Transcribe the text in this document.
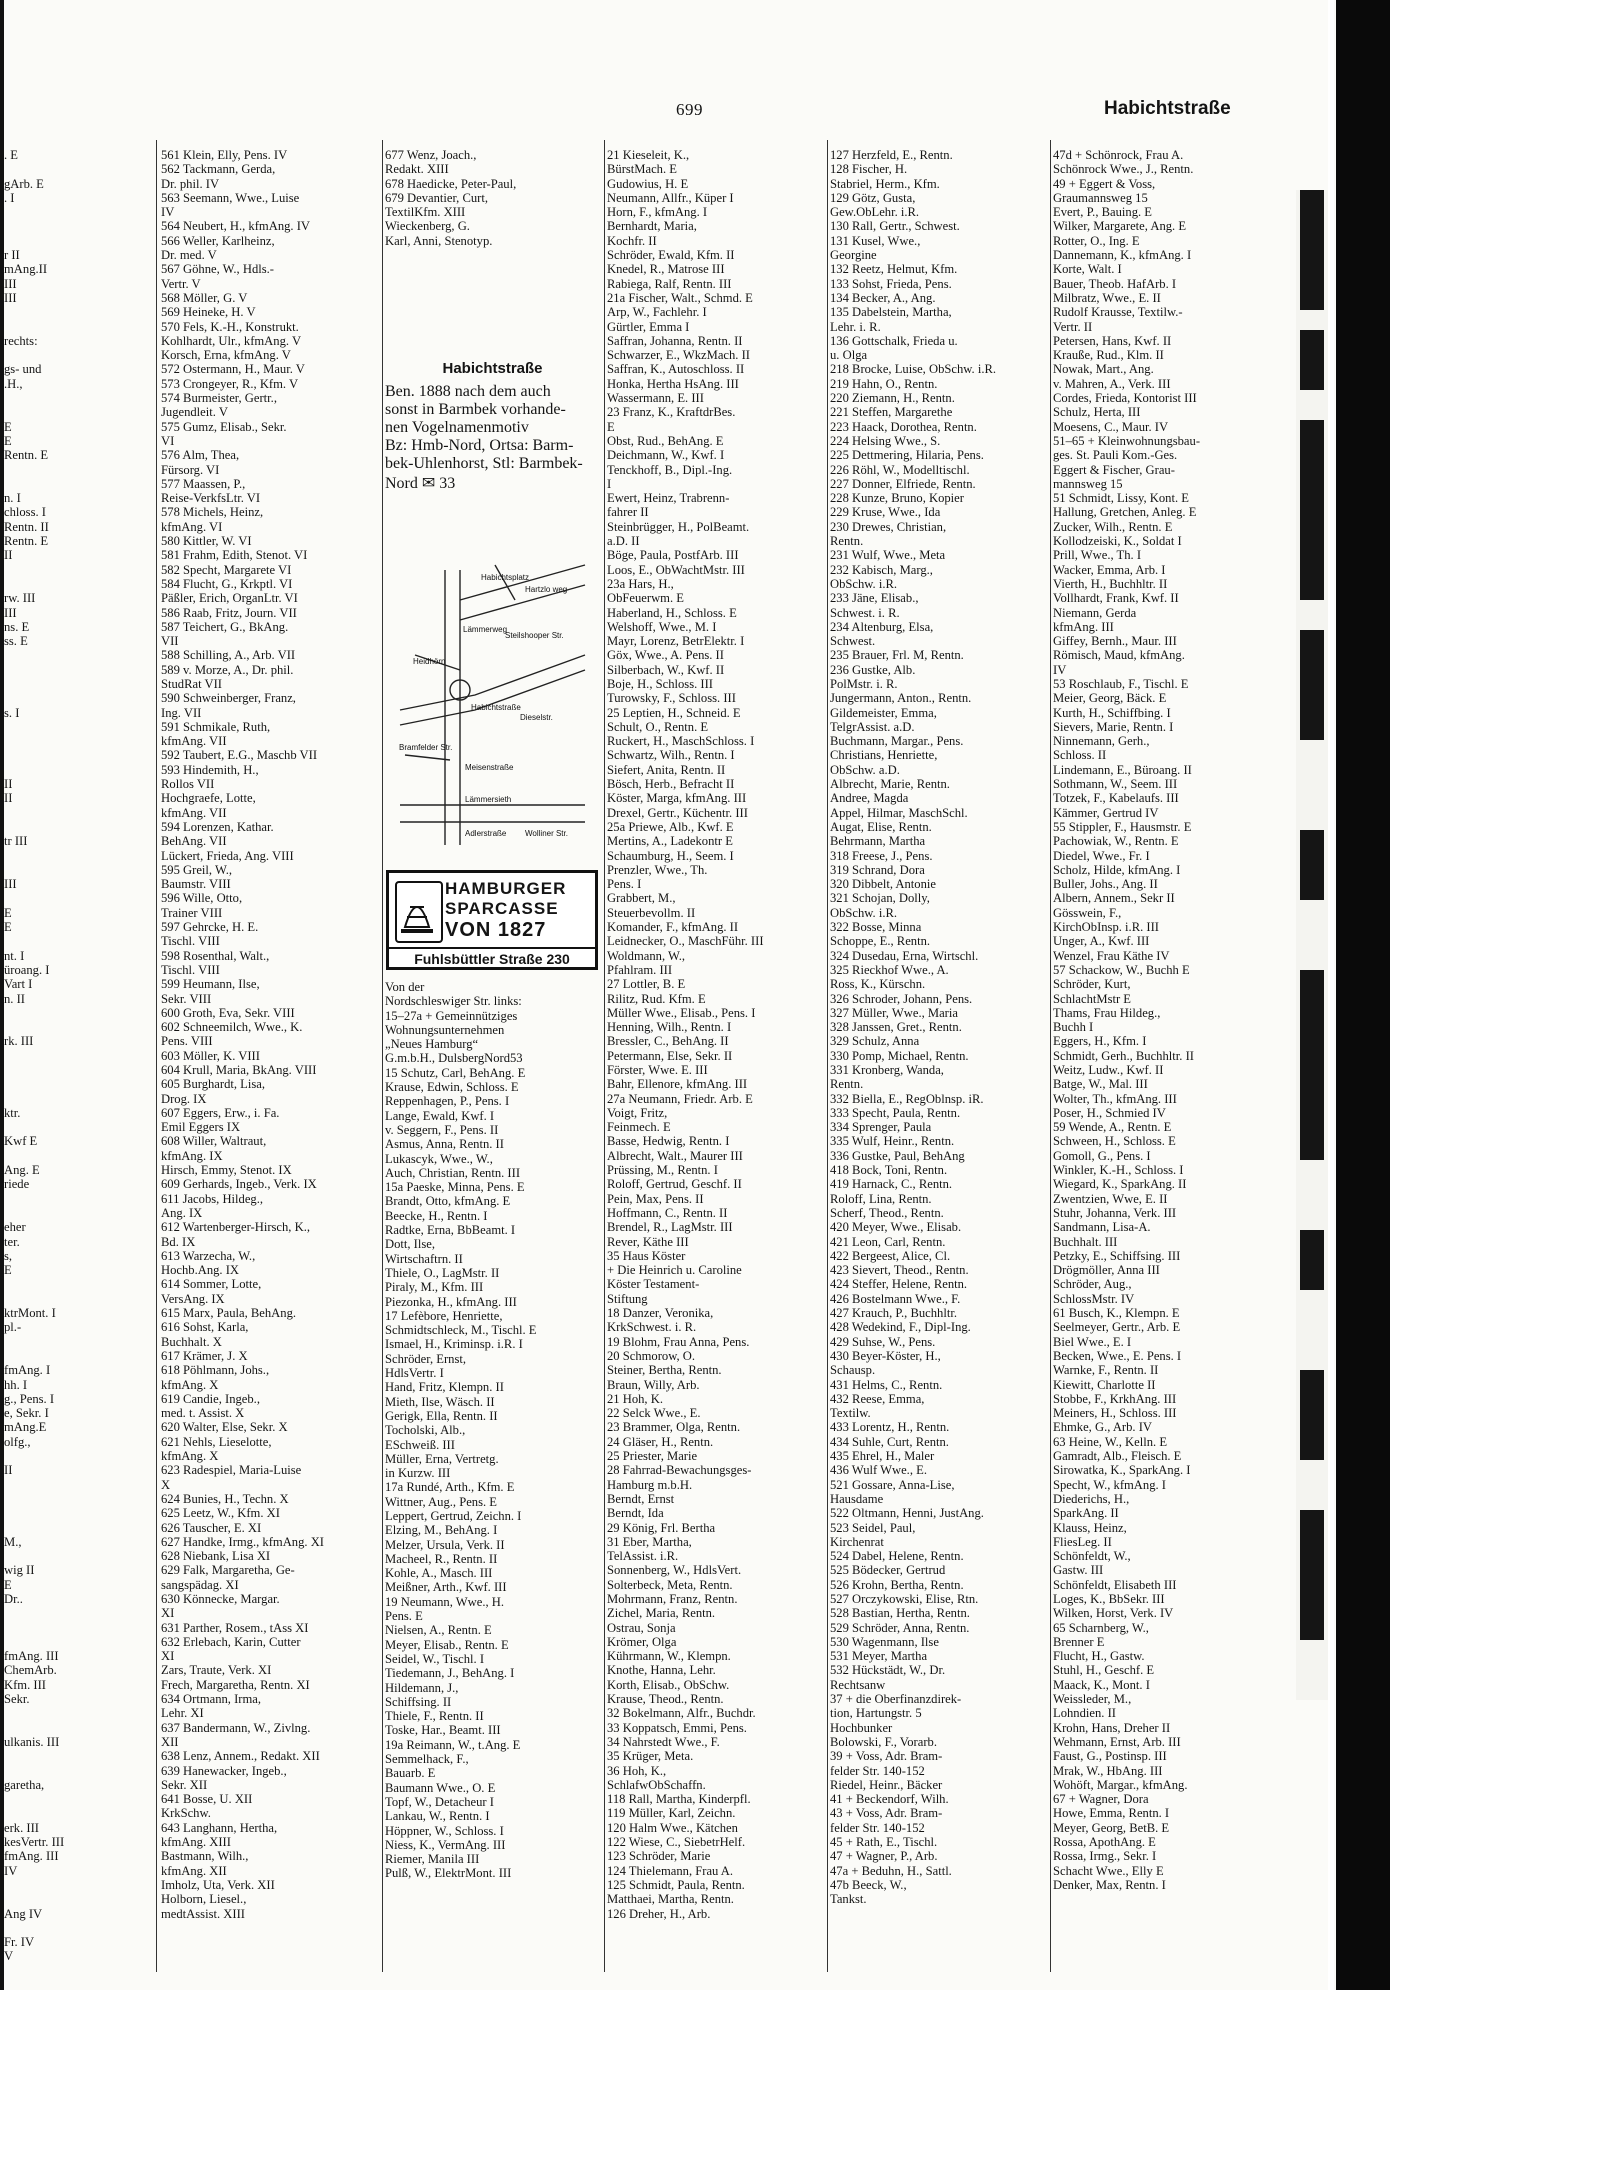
699	Habichtstraße
. E
gArb. E
. I
r II
mAng.II
III
III
rechts:
gs- und
.H.,
E
E
Rentn. E
n. I
chloss. I
Rentn. II
Rentn. E
II
rw. III
III
ns. E
ss. E
s. I
II
II
tr III
III
E
E
nt. I
üroang. I
Vart I
n. II
rk. III
ktr.
Kwf E
Ang. E
riede
eher
ter.
s,
E
ktrMont. I
pl.-
fmAng. I
hh. I
g., Pens. I
e, Sekr. I
mAng.E
olfg.,
II
M.,
wig II
E
Dr..
fmAng. III
ChemArb.
Kfm. III
Sekr.
ulkanis. III
garetha,
erk. III
kesVertr. III
fmAng. III
IV
Ang IV
Fr. IV
V
561 Klein, Elly, Pens. IV
562 Tackmann, Gerda,
Dr. phil. IV
563 Seemann, Wwe., Luise
IV
564 Neubert, H., kfmAng. IV
566 Weller, Karlheinz,
Dr. med. V
567 Göhne, W., Hdls.-
Vertr. V
568 Möller, G. V
569 Heineke, H. V
570 Fels, K.-H., Konstrukt.
Kohlhardt, Ulr., kfmAng. V
Korsch, Erna, kfmAng. V
572 Ostermann, H., Maur. V
573 Crongeyer, R., Kfm. V
574 Burmeister, Gertr.,
Jugendleit. V
575 Gumz, Elisab., Sekr.
VI
576 Alm, Thea,
Fürsorg. VI
577 Maassen, P.,
Reise-VerkfsLtr. VI
578 Michels, Heinz,
kfmAng. VI
580 Kittler, W. VI
581 Frahm, Edith, Stenot. VI
582 Specht, Margarete VI
584 Flucht, G., Krkptl. VI
Päßler, Erich, OrganLtr. VI
586 Raab, Fritz, Journ. VII
587 Teichert, G., BkAng.
VII
588 Schilling, A., Arb. VII
589 v. Morze, A., Dr. phil.
StudRat VII
590 Schweinberger, Franz,
Ing. VII
591 Schmikale, Ruth,
kfmAng. VII
592 Taubert, E.G., Maschb VII
593 Hindemith, H.,
Rollos VII
Hochgraefe, Lotte,
kfmAng. VII
594 Lorenzen, Kathar.
BehAng. VII
Lückert, Frieda, Ang. VIII
595 Greil, W.,
Baumstr. VIII
596 Wille, Otto,
Trainer VIII
597 Gehrcke, H. E.
Tischl. VIII
598 Rosenthal, Walt.,
Tischl. VIII
599 Heumann, Ilse,
Sekr. VIII
600 Groth, Eva, Sekr. VIII
602 Schneemilch, Wwe., K.
Pens. VIII
603 Möller, K. VIII
604 Krull, Maria, BkAng. VIII
605 Burghardt, Lisa,
Drog. IX
607 Eggers, Erw., i. Fa.
Emil Eggers IX
608 Willer, Waltraut,
kfmAng. IX
Hirsch, Emmy, Stenot. IX
609 Gerhards, Ingeb., Verk. IX
611 Jacobs, Hildeg.,
Ang. IX
612 Wartenberger-Hirsch, K.,
Bd. IX
613 Warzecha, W.,
Hochb.Ang. IX
614 Sommer, Lotte,
VersAng. IX
615 Marx, Paula, BehAng.
616 Sohst, Karla,
Buchhalt. X
617 Krämer, J. X
618 Pöhlmann, Johs.,
kfmAng. X
619 Candie, Ingeb.,
med. t. Assist. X
620 Walter, Else, Sekr. X
621 Nehls, Lieselotte,
kfmAng. X
623 Radespiel, Maria-Luise
X
624 Bunies, H., Techn. X
625 Leetz, W., Kfm. XI
626 Tauscher, E. XI
627 Handke, Irmg., kfmAng. XI
628 Niebank, Lisa XI
629 Falk, Margaretha, Ge-
sangspädag. XI
630 Könnecke, Margar.
XI
631 Parther, Rosem., tAss XI
632 Erlebach, Karin, Cutter
XI
Zars, Traute, Verk. XI
Frech, Margaretha, Rentn. XI
634 Ortmann, Irma,
Lehr. XI
637 Bandermann, W., Zivlng.
XII
638 Lenz, Annem., Redakt. XII
639 Hanewacker, Ingeb.,
Sekr. XII
641 Bosse, U. XII
KrkSchw.
643 Langhann, Hertha,
kfmAng. XIII
Bastmann, Wilh.,
kfmAng. XII
Imholz, Uta, Verk. XII
Holborn, Liesel.,
medtAssist. XIII
677 Wenz, Joach.,
Redakt. XIII
678 Haedicke, Peter-Paul,
679 Devantier, Curt,
TextilKfm. XIII
Wieckenberg, G.
Karl, Anni, Stenotyp.
Habichtstraße
Ben. 1888 nach dem auch
sonst in Barmbek vorhande-
nen Vogelnamenmotiv
Bz: Hmb-Nord, Ortsa: Barm-
bek-Uhlenhorst, Stl: Barmbek-
Nord ✉ 33
Habichtsplatz
Hartzlo weg
Lämmerweg
Steilshooper Str.
Heidhörn
Habichtstraße
Dieselstr.
Bramfelder Str.
Meisenstraße
Lämmersieth
Adlerstraße Wolliner Str.
HAMBURGER
SPARCASSE
VON 1827
Fuhlsbüttler Straße 230
Von der
Nordschleswiger Str. links:
15–27a + Gemeinnütziges
Wohnungsunternehmen
„Neues Hamburg“
G.m.b.H., DulsbergNord53
15 Schutz, Carl, BehAng. E
Krause, Edwin, Schloss. E
Reppenhagen, P., Pens. I
Lange, Ewald, Kwf. I
v. Seggern, F., Pens. II
Asmus, Anna, Rentn. II
Lukascyk, Wwe., W.,
Auch, Christian, Rentn. III
15a Paeske, Minna, Pens. E
Brandt, Otto, kfmAng. E
Beecke, H., Rentn. I
Radtke, Erna, BbBeamt. I
Dott, Ilse,
Wirtschaftrn. II
Thiele, O., LagMstr. II
Piraly, M., Kfm. III
Piezonka, H., kfmAng. III
17 Lefèbore, Henriette,
Schmidtschleck, M., Tischl. E
Ismael, H., Kriminsp. i.R. I
Schröder, Ernst,
HdlsVertr. I
Hand, Fritz, Klempn. II
Mieth, Ilse, Wäsch. II
Gerigk, Ella, Rentn. II
Tocholski, Alb.,
ESchweiß. III
Müller, Erna, Vertretg.
in Kurzw. III
17a Rundé, Arth., Kfm. E
Wittner, Aug., Pens. E
Leppert, Gertrud, Zeichn. I
Elzing, M., BehAng. I
Melzer, Ursula, Verk. II
Macheel, R., Rentn. II
Kohle, A., Masch. III
Meißner, Arth., Kwf. III
19 Neumann, Wwe., H.
Pens. E
Nielsen, A., Rentn. E
Meyer, Elisab., Rentn. E
Seidel, W., Tischl. I
Tiedemann, J., BehAng. I
Hildemann, J.,
Schiffsing. II
Thiele, F., Rentn. II
Toske, Har., Beamt. III
19a Reimann, W., t.Ang. E
Semmelhack, F.,
Bauarb. E
Baumann Wwe., O. E
Topf, W., Detacheur I
Lankau, W., Rentn. I
Höppner, W., Schloss. I
Niess, K., VermAng. III
Riemer, Manila III
Pulß, W., ElektrMont. III
21 Kieseleit, K.,
BürstMach. E
Gudowius, H. E
Neumann, Allfr., Küper I
Horn, F., kfmAng. I
Bernhardt, Maria,
Kochfr. II
Schröder, Ewald, Kfm. II
Knedel, R., Matrose III
Rabiega, Ralf, Rentn. III
21a Fischer, Walt., Schmd. E
Arp, W., Fachlehr. I
Gürtler, Emma I
Saffran, Johanna, Rentn. II
Schwarzer, E., WkzMach. II
Saffran, K., Autoschloss. II
Honka, Hertha HsAng. III
Wassermann, E. III
23 Franz, K., KraftdrBes.
E
Obst, Rud., BehAng. E
Deichmann, W., Kwf. I
Tenckhoff, B., Dipl.-Ing.
I
Ewert, Heinz, Trabrenn-
fahrer II
Steinbrügger, H., PolBeamt.
a.D. II
Böge, Paula, PostfArb. III
Loos, E., ObWachtMstr. III
23a Hars, H.,
ObFeuerwm. E
Haberland, H., Schloss. E
Welshoff, Wwe., M. I
Mayr, Lorenz, BetrElektr. I
Göx, Wwe., A. Pens. II
Silberbach, W., Kwf. II
Boje, H., Schloss. III
Turowsky, F., Schloss. III
25 Leptien, H., Schneid. E
Schult, O., Rentn. E
Ruckert, H., MaschSchloss. I
Schwartz, Wilh., Rentn. I
Siefert, Anita, Rentn. II
Bösch, Herb., Befracht II
Köster, Marga, kfmAng. III
Drexel, Gertr., Küchentr. III
25a Priewe, Alb., Kwf. E
Mertins, A., Ladekontr E
Schaumburg, H., Seem. I
Prenzler, Wwe., Th.
Pens. I
Grabbert, M.,
Steuerbevollm. II
Komander, F., kfmAng. II
Leidnecker, O., MaschFühr. III
Woldmann, W.,
Pfahlram. III
27 Lottler, B. E
Rilitz, Rud. Kfm. E
Müller Wwe., Elisab., Pens. I
Henning, Wilh., Rentn. I
Bressler, C., BehAng. II
Petermann, Else, Sekr. II
Förster, Wwe. E. III
Bahr, Ellenore, kfmAng. III
27a Neumann, Friedr. Arb. E
Voigt, Fritz,
Feinmech. E
Basse, Hedwig, Rentn. I
Albrecht, Walt., Maurer III
Prüssing, M., Rentn. I
Roloff, Gertrud, Geschf. II
Pein, Max, Pens. II
Hoffmann, C., Rentn. II
Brendel, R., LagMstr. III
Rever, Käthe III
35 Haus Köster
+ Die Heinrich u. Caroline
Köster Testament-
Stiftung
18 Danzer, Veronika,
KrkSchwest. i. R.
19 Blohm, Frau Anna, Pens.
20 Schmorow, O.
Steiner, Bertha, Rentn.
Braun, Willy, Arb.
21 Hoh, K.
22 Selck Wwe., E.
23 Brammer, Olga, Rentn.
24 Gläser, H., Rentn.
25 Priester, Marie
28 Fahrrad-Bewachungsges-
Hamburg m.b.H.
Berndt, Ernst
Berndt, Ida
29 König, Frl. Bertha
31 Eber, Martha,
TelAssist. i.R.
Sonnenberg, W., HdlsVert.
Solterbeck, Meta, Rentn.
Mohrmann, Franz, Rentn.
Zichel, Maria, Rentn.
Ostrau, Sonja
Krömer, Olga
Kührmann, W., Klempn.
Knothe, Hanna, Lehr.
Korth, Elisab., ObSchw.
Krause, Theod., Rentn.
32 Bokelmann, Alfr., Buchdr.
33 Koppatsch, Emmi, Pens.
34 Nahrstedt Wwe., F.
35 Krüger, Meta.
36 Hoh, K.,
SchlafwObSchaffn.
118 Rall, Martha, Kinderpfl.
119 Müller, Karl, Zeichn.
120 Halm Wwe., Kätchen
122 Wiese, C., SiebetrHelf.
123 Schröder, Marie
124 Thielemann, Frau A.
125 Schmidt, Paula, Rentn.
Matthaei, Martha, Rentn.
126 Dreher, H., Arb.
127 Herzfeld, E., Rentn.
128 Fischer, H.
Stabriel, Herm., Kfm.
129 Götz, Gusta,
Gew.ObLehr. i.R.
130 Rall, Gertr., Schwest.
131 Kusel, Wwe.,
Georgine
132 Reetz, Helmut, Kfm.
133 Sohst, Frieda, Pens.
134 Becker, A., Ang.
135 Dabelstein, Martha,
Lehr. i. R.
136 Gottschalk, Frieda u.
u. Olga
218 Brocke, Luise, ObSchw. i.R.
219 Hahn, O., Rentn.
220 Ziemann, H., Rentn.
221 Steffen, Margarethe
223 Haack, Dorothea, Rentn.
224 Helsing Wwe., S.
225 Dettmering, Hilaria, Pens.
226 Röhl, W., Modelltischl.
227 Donner, Elfriede, Rentn.
228 Kunze, Bruno, Kopier
229 Kruse, Wwe., Ida
230 Drewes, Christian,
Rentn.
231 Wulf, Wwe., Meta
232 Kabisch, Marg.,
ObSchw. i.R.
233 Jäne, Elisab.,
Schwest. i. R.
234 Altenburg, Elsa,
Schwest.
235 Brauer, Frl. M, Rentn.
236 Gustke, Alb.
PolMstr. i. R.
Jungermann, Anton., Rentn.
Gildemeister, Emma,
TelgrAssist. a.D.
Buchmann, Margar., Pens.
Christians, Henriette,
ObSchw. a.D.
Albrecht, Marie, Rentn.
Andree, Magda
Appel, Hilmar, MaschSchl.
Augat, Elise, Rentn.
Behrmann, Martha
318 Freese, J., Pens.
319 Schrand, Dora
320 Dibbelt, Antonie
321 Schojan, Dolly,
ObSchw. i.R.
322 Bosse, Minna
Schoppe, E., Rentn.
324 Dusedau, Erna, Wirtschl.
325 Rieckhof Wwe., A.
Ross, K., Kürschn.
326 Schroder, Johann, Pens.
327 Müller, Wwe., Maria
328 Janssen, Gret., Rentn.
329 Schulz, Anna
330 Pomp, Michael, Rentn.
331 Kronberg, Wanda,
Rentn.
332 Biella, E., RegOblnsp. iR.
333 Specht, Paula, Rentn.
334 Sprenger, Paula
335 Wulf, Heinr., Rentn.
336 Gustke, Paul, BehAng
418 Bock, Toni, Rentn.
419 Harnack, C., Rentn.
Roloff, Lina, Rentn.
Scherf, Theod., Rentn.
420 Meyer, Wwe., Elisab.
421 Leon, Carl, Rentn.
422 Bergeest, Alice, Cl.
423 Sievert, Theod., Rentn.
424 Steffer, Helene, Rentn.
426 Bostelmann Wwe., F.
427 Krauch, P., Buchhltr.
428 Wedekind, F., Dipl-Ing.
429 Suhse, W., Pens.
430 Beyer-Köster, H.,
Schausp.
431 Helms, C., Rentn.
432 Reese, Emma,
Textilw.
433 Lorentz, H., Rentn.
434 Suhle, Curt, Rentn.
435 Ehrel, H., Maler
436 Wulf Wwe., E.
521 Gossare, Anna-Lise,
Hausdame
522 Oltmann, Henni, JustAng.
523 Seidel, Paul,
Kirchenrat
524 Dabel, Helene, Rentn.
525 Bödecker, Gertrud
526 Krohn, Bertha, Rentn.
527 Orczykowski, Elise, Rtn.
528 Bastian, Hertha, Rentn.
529 Schröder, Anna, Rentn.
530 Wagenmann, Ilse
531 Meyer, Martha
532 Hückstädt, W., Dr.
Rechtsanw
37 + die Oberfinanzdirek-
tion, Hartungstr. 5
Hochbunker
Bolowski, F., Vorarb.
39 + Voss, Adr. Bram-
felder Str. 140-152
Riedel, Heinr., Bäcker
41 + Beckendorf, Wilh.
43 + Voss, Adr. Bram-
felder Str. 140-152
45 + Rath, E., Tischl.
47 + Wagner, P., Arb.
47a + Beduhn, H., Sattl.
47b Beeck, W.,
Tankst.
47d + Schönrock, Frau A.
Schönrock Wwe., J., Rentn.
49 + Eggert & Voss,
Graumannsweg 15
Evert, P., Bauing. E
Wilker, Margarete, Ang. E
Rotter, O., Ing. E
Dannemann, K., kfmAng. I
Korte, Walt. I
Bauer, Theob. HafArb. I
Milbratz, Wwe., E. II
Rudolf Krausse, Textilw.-
Vertr. II
Petersen, Hans, Kwf. II
Krauße, Rud., Klm. II
Nowak, Mart., Ang.
v. Mahren, A., Verk. III
Cordes, Frieda, Kontorist III
Schulz, Herta, III
Moesens, C., Maur. IV
51–65 + Kleinwohnungsbau-
ges. St. Pauli Kom.-Ges.
Eggert & Fischer, Grau-
mannsweg 15
51 Schmidt, Lissy, Kont. E
Hallung, Gretchen, Anleg. E
Zucker, Wilh., Rentn. E
Kollodzeiski, K., Soldat I
Prill, Wwe., Th. I
Wacker, Emma, Arb. I
Vierth, H., Buchhltr. II
Vollhardt, Frank, Kwf. II
Niemann, Gerda
kfmAng. III
Giffey, Bernh., Maur. III
Römisch, Maud, kfmAng.
IV
53 Roschlaub, F., Tischl. E
Meier, Georg, Bäck. E
Kurth, H., Schiffbing. I
Sievers, Marie, Rentn. I
Ninnemann, Gerh.,
Schloss. II
Lindemann, E., Büroang. II
Sothmann, W., Seem. III
Totzek, F., Kabelaufs. III
Kämmer, Gertrud IV
55 Stippler, F., Hausmstr. E
Pachowiak, W., Rentn. E
Diedel, Wwe., Fr. I
Scholz, Hilde, kfmAng. I
Buller, Johs., Ang. II
Albern, Annem., Sekr II
Gösswein, F.,
KirchObInsp. i.R. III
Unger, A., Kwf. III
Wenzel, Frau Käthe IV
57 Schackow, W., Buchh E
Schröder, Kurt,
SchlachtMstr E
Thams, Frau Hildeg.,
Buchh I
Eggers, H., Kfm. I
Schmidt, Gerh., Buchhltr. II
Weitz, Ludw., Kwf. II
Batge, W., Mal. III
Wolter, Th., kfmAng. III
Poser, H., Schmied IV
59 Wende, A., Rentn. E
Schween, H., Schloss. E
Gomoll, G., Pens. I
Winkler, K.-H., Schloss. I
Wiegard, K., SparkAng. II
Zwentzien, Wwe, E. II
Stuhr, Johanna, Verk. III
Sandmann, Lisa-A.
Buchhalt. III
Petzky, E., Schiffsing. III
Drögmöller, Anna III
Schröder, Aug.,
SchlossMstr. IV
61 Busch, K., Klempn. E
Seelmeyer, Gertr., Arb. E
Biel Wwe., E. I
Becken, Wwe., E. Pens. I
Warnke, F., Rentn. II
Kiewitt, Charlotte II
Stobbe, F., KrkhAng. III
Meiners, H., Schloss. III
Ehmke, G., Arb. IV
63 Heine, W., Kelln. E
Gamradt, Alb., Fleisch. E
Sirowatka, K., SparkAng. I
Specht, W., kfmAng. I
Diederichs, H.,
SparkAng. II
Klauss, Heinz,
FliesLeg. II
Schönfeldt, W.,
Gastw. III
Schönfeldt, Elisabeth III
Loges, K., BbSekr. III
Wilken, Horst, Verk. IV
65 Scharnberg, W.,
Brenner E
Flucht, H., Gastw.
Stuhl, H., Geschf. E
Maack, K., Mont. I
Weissleder, M.,
Lohndien. II
Krohn, Hans, Dreher II
Wehmann, Ernst, Arb. III
Faust, G., Postinsp. III
Mrak, W., HbAng. III
Wohöft, Margar., kfmAng.
67 + Wagner, Dora
Howe, Emma, Rentn. I
Meyer, Georg, BetB. E
Rossa, ApothAng. E
Rossa, Irmg., Sekr. I
Schacht Wwe., Elly E
Denker, Max, Rentn. I
